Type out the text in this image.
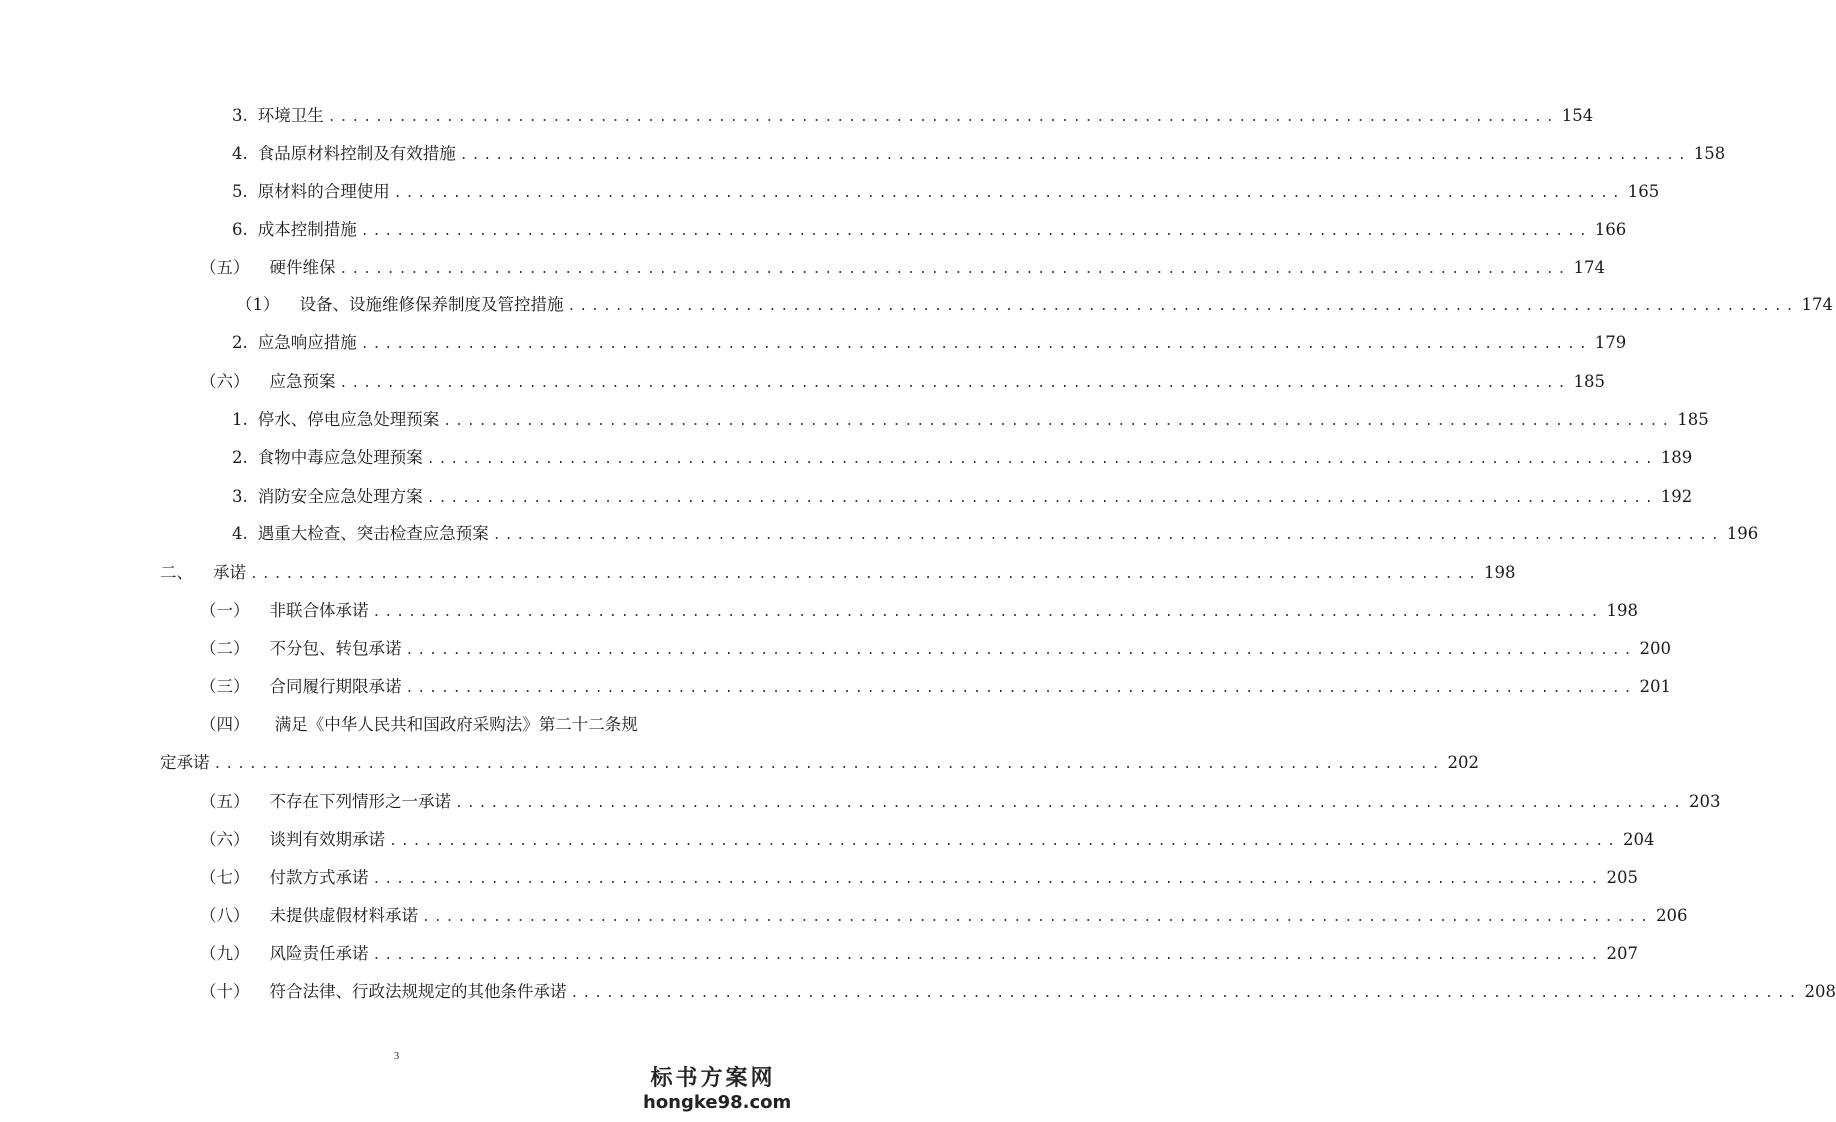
3. 环境卫生 ........................................................................................................ 154
4. 食品原材料控制及有效措施 ........................................................................................................ 158
5. 原材料的合理使用 ........................................................................................................ 165
6. 成本控制措施 ........................................................................................................ 166
（五） 硬件维保 ........................................................................................................ 174
（1） 设备、设施维修保养制度及管控措施 ........................................................................................................ 174
2. 应急响应措施 ........................................................................................................ 179
（六） 应急预案 ........................................................................................................ 185
1. 停水、停电应急处理预案 ........................................................................................................ 185
2. 食物中毒应急处理预案 ........................................................................................................ 189
3. 消防安全应急处理方案 ........................................................................................................ 192
4. 遇重大检查、突击检查应急预案 ........................................................................................................ 196
二、 承诺 ........................................................................................................ 198
（一） 非联合体承诺 ........................................................................................................ 198
（二） 不分包、转包承诺 ........................................................................................................ 200
（三） 合同履行期限承诺 ........................................................................................................ 201
（四） 满足《中华人民共和国政府采购法》第二十二条规
定承诺 ........................................................................................................ 202
（五） 不存在下列情形之一承诺 ........................................................................................................ 203
（六） 谈判有效期承诺 ........................................................................................................ 204
（七） 付款方式承诺 ........................................................................................................ 205
（八） 未提供虚假材料承诺 ........................................................................................................ 206
（九） 风险责任承诺 ........................................................................................................ 207
（十） 符合法律、行政法规规定的其他条件承诺 ........................................................................................................ 208
3
标书方案网
hongke98.com
